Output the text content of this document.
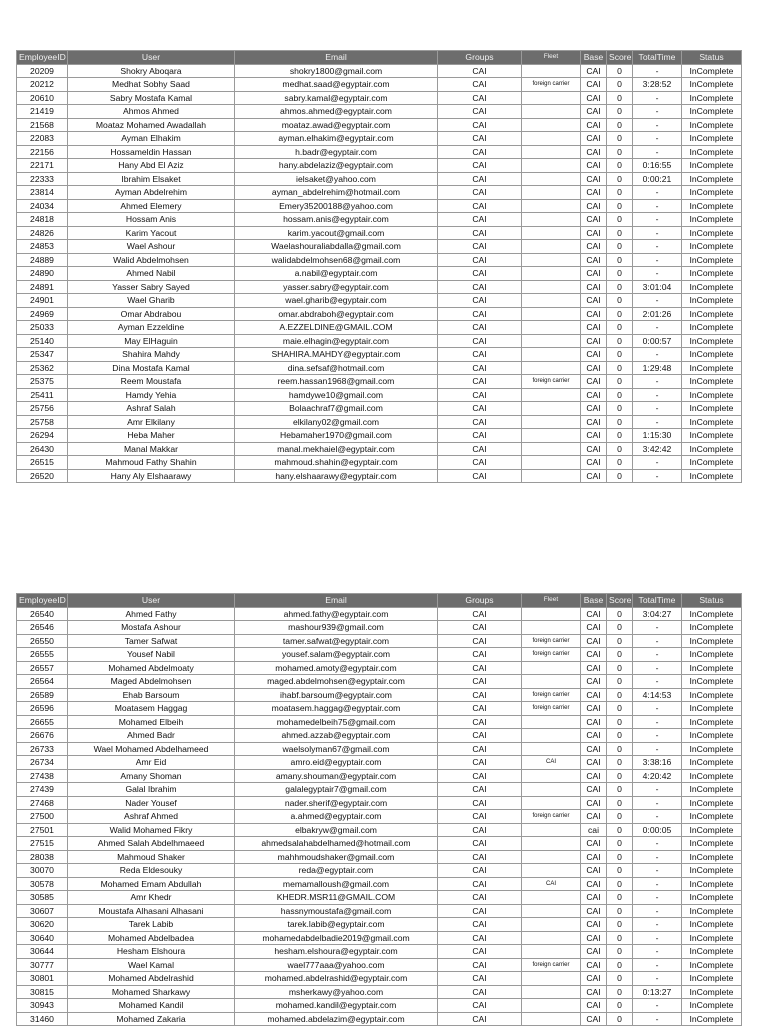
EmployeeID	User	Email	Groups	Fleet	Base	Score	TotalTime	Status
20209	Shokry Aboqara	shokry1800@gmail.com	CAI		CAI	0	-	InComplete
20212	Medhat Sobhy Saad	medhat.saad@egyptair.com	CAI	foreign carrier	CAI	0	3:28:52	InComplete
20610	Sabry Mostafa Kamal	sabry.kamal@egyptair.com	CAI		CAI	0	-	InComplete
21419	Ahmos Ahmed	ahmos.ahmed@egyptair.com	CAI		CAI	0	-	InComplete
21568	Moataz Mohamed Awadallah	moataz.awad@egyptair.com	CAI		CAI	0	-	InComplete
22083	Ayman Elhakim	ayman.elhakim@egyptair.com	CAI		CAI	0	-	InComplete
22156	Hossameldin Hassan	h.badr@egyptair.com	CAI		CAI	0	-	InComplete
22171	Hany Abd El Aziz	hany.abdelaziz@egyptair.com	CAI		CAI	0	0:16:55	InComplete
22333	Ibrahim Elsaket	ielsaket@yahoo.com	CAI		CAI	0	0:00:21	InComplete
23814	Ayman Abdelrehim	ayman_abdelrehim@hotmail.com	CAI		CAI	0	-	InComplete
24034	Ahmed Elemery	Emery35200188@yahoo.com	CAI		CAI	0	-	InComplete
24818	Hossam Anis	hossam.anis@egyptair.com	CAI		CAI	0	-	InComplete
24826	Karim Yacout	karim.yacout@gmail.com	CAI		CAI	0	-	InComplete
24853	Wael Ashour	Waelashouraliabdalla@gmail.com	CAI		CAI	0	-	InComplete
24889	Walid Abdelmohsen	walidabdelmohsen68@gmail.com	CAI		CAI	0	-	InComplete
24890	Ahmed Nabil	a.nabil@egyptair.com	CAI		CAI	0	-	InComplete
24891	Yasser Sabry Sayed	yasser.sabry@egyptair.com	CAI		CAI	0	3:01:04	InComplete
24901	Wael Gharib	wael.gharib@egyptair.com	CAI		CAI	0	-	InComplete
24969	Omar Abdrabou	omar.abdraboh@egyptair.com	CAI		CAI	0	2:01:26	InComplete
25033	Ayman Ezzeldine	A.EZZELDINE@GMAIL.COM	CAI		CAI	0	-	InComplete
25140	May ElHaguin	maie.elhagin@egyptair.com	CAI		CAI	0	0:00:57	InComplete
25347	Shahira Mahdy	SHAHIRA.MAHDY@egyptair.com	CAI		CAI	0	-	InComplete
25362	Dina Mostafa Kamal	dina.sefsaf@hotmail.com	CAI		CAI	0	1:29:48	InComplete
25375	Reem Moustafa	reem.hassan1968@gmail.com	CAI	foreign carrier	CAI	0	-	InComplete
25411	Hamdy Yehia	hamdywe10@gmail.com	CAI		CAI	0	-	InComplete
25756	Ashraf Salah	Bolaachraf7@gmail.com	CAI		CAI	0	-	InComplete
25758	Amr Elkilany	elkilany02@gmail.com	CAI		CAI	0	-	InComplete
26294	Heba Maher	Hebamaher1970@gmail.com	CAI		CAI	0	1:15:30	InComplete
26430	Manal Makkar	manal.mekhaiel@egyptair.com	CAI		CAI	0	3:42:42	InComplete
26515	Mahmoud Fathy Shahin	mahmoud.shahin@egyptair.com	CAI		CAI	0	-	InComplete
26520	Hany Aly Elshaarawy	hany.elshaarawy@egyptair.com	CAI		CAI	0	-	InComplete
EmployeeID	User	Email	Groups	Fleet	Base	Score	TotalTime	Status
26540	Ahmed Fathy	ahmed.fathy@egyptair.com	CAI		CAI	0	3:04:27	InComplete
26546	Mostafa Ashour	mashour939@gmail.com	CAI		CAI	0	-	InComplete
26550	Tamer Safwat	tamer.safwat@egyptair.com	CAI	foreign carrier	CAI	0	-	InComplete
26555	Yousef Nabil	yousef.salam@egyptair.com	CAI	foreign carrier	CAI	0	-	InComplete
26557	Mohamed Abdelmoaty	mohamed.amoty@egyptair.com	CAI		CAI	0	-	InComplete
26564	Maged Abdelmohsen	maged.abdelmohsen@egyptair.com	CAI		CAI	0	-	InComplete
26589	Ehab Barsoum	ihabf.barsoum@egyptair.com	CAI	foreign carrier	CAI	0	4:14:53	InComplete
26596	Moatasem Haggag	moatasem.haggag@egyptair.com	CAI	foreign carrier	CAI	0	-	InComplete
26655	Mohamed Elbeih	mohamedelbeih75@gmail.com	CAI		CAI	0	-	InComplete
26676	Ahmed Badr	ahmed.azzab@egyptair.com	CAI		CAI	0	-	InComplete
26733	Wael Mohamed Abdelhameed	waelsolyman67@gmail.com	CAI		CAI	0	-	InComplete
26734	Amr Eid	amro.eid@egyptair.com	CAI	CAI	CAI	0	3:38:16	InComplete
27438	Amany Shoman	amany.shouman@egyptair.com	CAI		CAI	0	4:20:42	InComplete
27439	Galal Ibrahim	galalegyptair7@gmail.com	CAI		CAI	0	-	InComplete
27468	Nader Yousef	nader.sherif@egyptair.com	CAI		CAI	0	-	InComplete
27500	Ashraf Ahmed	a.ahmed@egyptair.com	CAI	foreign carrier	CAI	0	-	InComplete
27501	Walid Mohamed Fikry	elbakryw@gmail.com	CAI		cai	0	0:00:05	InComplete
27515	Ahmed Salah Abdelhmaeed	ahmedsalahabdelhamed@hotmail.com	CAI		CAI	0	-	InComplete
28038	Mahmoud Shaker	mahhmoudshaker@gmail.com	CAI		CAI	0	-	InComplete
30070	Reda Eldesouky	reda@egyptair.com	CAI		CAI	0	-	InComplete
30578	Mohamed Emam Abdullah	memamalloush@gmail.com	CAI	CAI	CAI	0	-	InComplete
30585	Amr Khedr	KHEDR.MSR11@GMAIL.COM	CAI		CAI	0	-	InComplete
30607	Moustafa Alhasani Alhasani	hassnymoustafa@gmail.com	CAI		CAI	0	-	InComplete
30620	Tarek Labib	tarek.labib@egyptair.com	CAI		CAI	0	-	InComplete
30640	Mohamed Abdelbadea	mohamedabdelbadie2019@gmail.com	CAI		CAI	0	-	InComplete
30644	Hesham Elshoura	hesham.elshoura@egyptair.com	CAI		CAI	0	-	InComplete
30777	Wael Kamal	wael777aaa@yahoo.com	CAI	foreign carrier	CAI	0	-	InComplete
30801	Mohamed Abdelrashid	mohamed.abdelrashid@egyptair.com	CAI		CAI	0	-	InComplete
30815	Mohamed Sharkawy	msherkawy@yahoo.com	CAI		CAI	0	0:13:27	InComplete
30943	Mohamed Kandil	mohamed.kandil@egyptair.com	CAI		CAI	0	-	InComplete
31460	Mohamed Zakaria	mohamed.abdelazim@egyptair.com	CAI		CAI	0	-	InComplete
